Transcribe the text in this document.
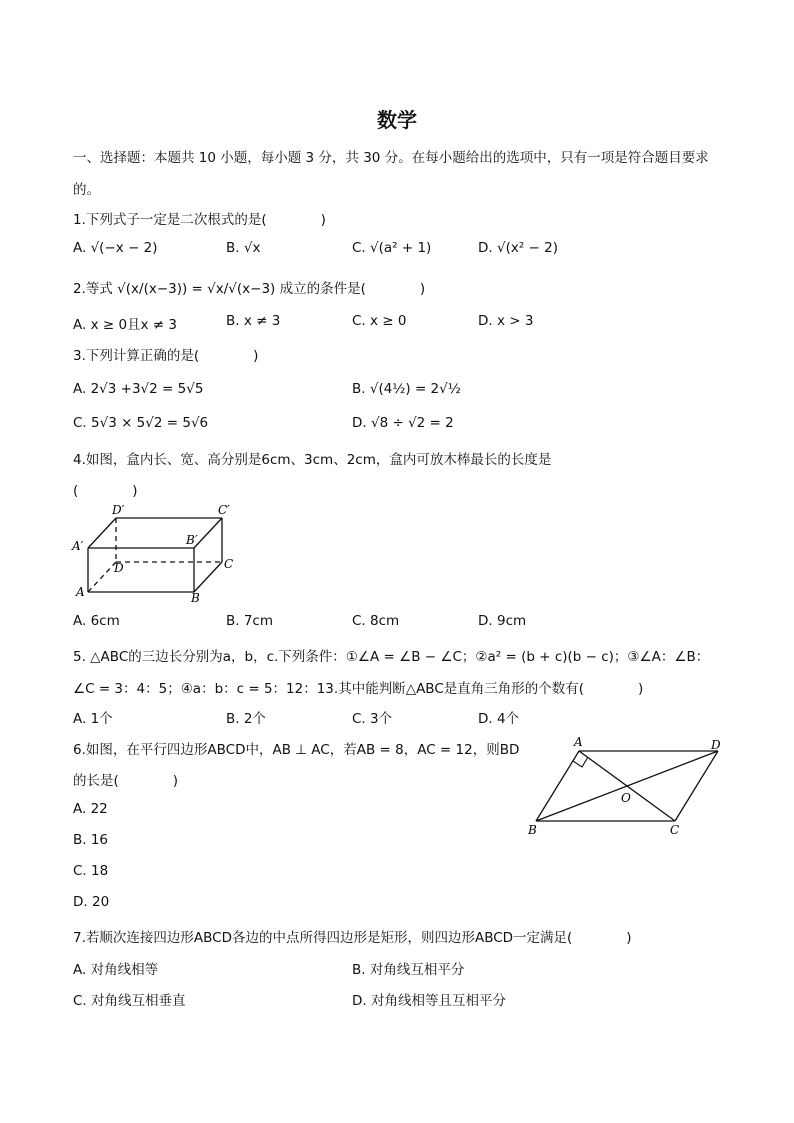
数学
一、选择题：本题共 10 小题，每小题 3 分，共 30 分。在每小题给出的选项中，只有一项是符合题目要求
的。
1.下列式子一定是二次根式的是(　　　　)
A. √(−x − 2)	B. √x	C. √(a² + 1)	D. √(x² − 2)
2.等式 √(x/(x−3)) = √x/√(x−3) 成立的条件是(　　　　)
A. x ≥ 0且x ≠ 3	B. x ≠ 3	C. x ≥ 0	D. x > 3
3.下列计算正确的是(　　　　)
A. 2√3 +3√2 = 5√5	B. √(4½) = 2√½
C. 5√3 × 5√2 = 5√6	D. √8 ÷ √2 = 2
4.如图，盒内长、宽、高分别是6cm、3cm、2cm，盒内可放木棒最长的长度是
(　　　　)
D′	C′
A′	B′
D	C
A	B
A. 6cm	B. 7cm	C. 8cm	D. 9cm
5. △ABC的三边长分别为a，b，c.下列条件：①∠A = ∠B − ∠C；②a² = (b + c)(b − c)；③∠A：∠B：
∠C = 3：4：5；④a：b：c = 5：12：13.其中能判断△ABC是直角三角形的个数有(　　　　)
A. 1个	B. 2个	C. 3个	D. 4个
6.如图，在平行四边形ABCD中，AB ⊥ AC，若AB = 8，AC = 12，则BD
的长是(　　　　)
A	D
O
B	C
A. 22
B. 16
C. 18
D. 20
7.若顺次连接四边形ABCD各边的中点所得四边形是矩形，则四边形ABCD一定满足(　　　　)
A. 对角线相等	B. 对角线互相平分
C. 对角线互相垂直	D. 对角线相等且互相平分
